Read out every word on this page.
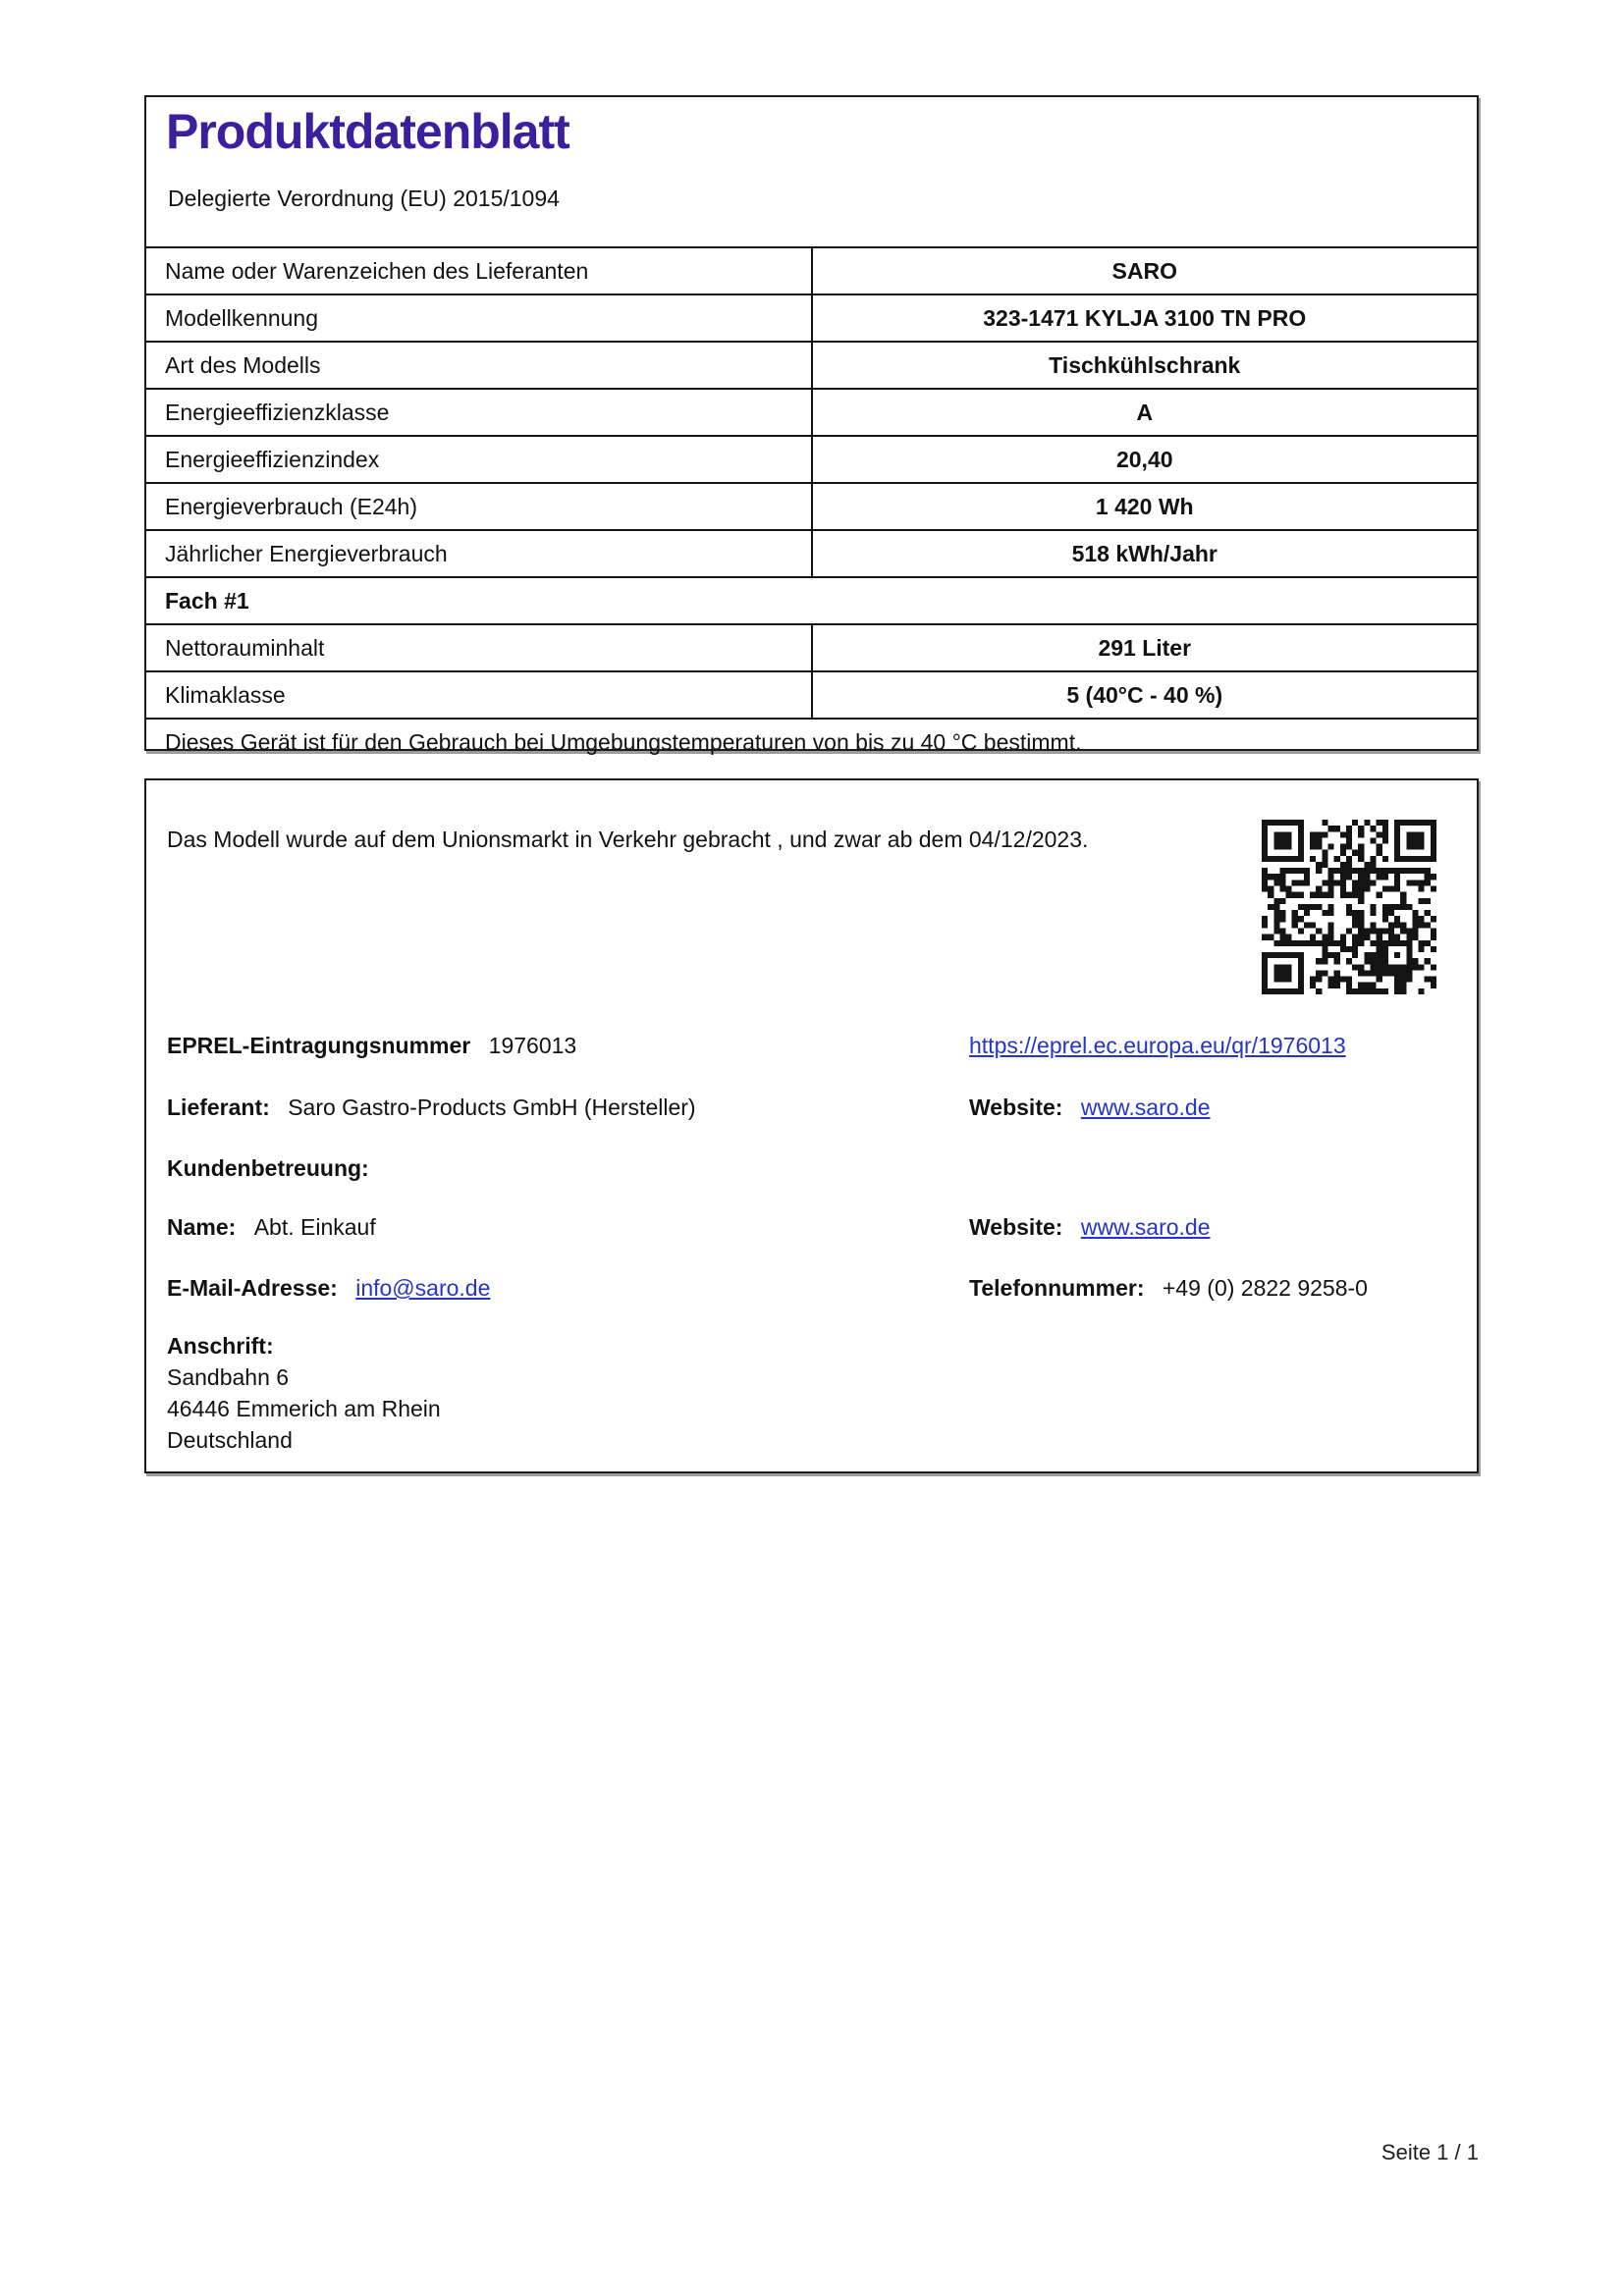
Produktdatenblatt
Delegierte Verordnung (EU) 2015/1094
Name oder Warenzeichen des Lieferanten	SARO
Modellkennung	323-1471 KYLJA 3100 TN PRO
Art des Modells	Tischkühlschrank
Energieeffizienzklasse	A
Energieeffizienzindex	20,40
Energieverbrauch (E24h)	1 420 Wh
Jährlicher Energieverbrauch	518 kWh/Jahr
Fach #1	
Nettorauminhalt	291 Liter
Klimaklasse	5 (40°C - 40 %)
Dieses Gerät ist für den Gebrauch bei Umgebungstemperaturen von bis zu 40 °C bestimmt.	
Das Modell wurde auf dem Unionsmarkt in Verkehr gebracht , und zwar ab dem 04/12/2023.
EPREL-Eintragungsnummer 1976013	https://eprel.ec.europa.eu/qr/1976013
Lieferant: Saro Gastro-Products GmbH (Hersteller)	Website: www.saro.de
Kundenbetreuung:
Name: Abt. Einkauf	Website: www.saro.de
E-Mail-Adresse: info@saro.de	Telefonnummer: +49 (0) 2822 9258-0
Anschrift:
Sandbahn 6
46446 Emmerich am Rhein
Deutschland
Seite 1 / 1
